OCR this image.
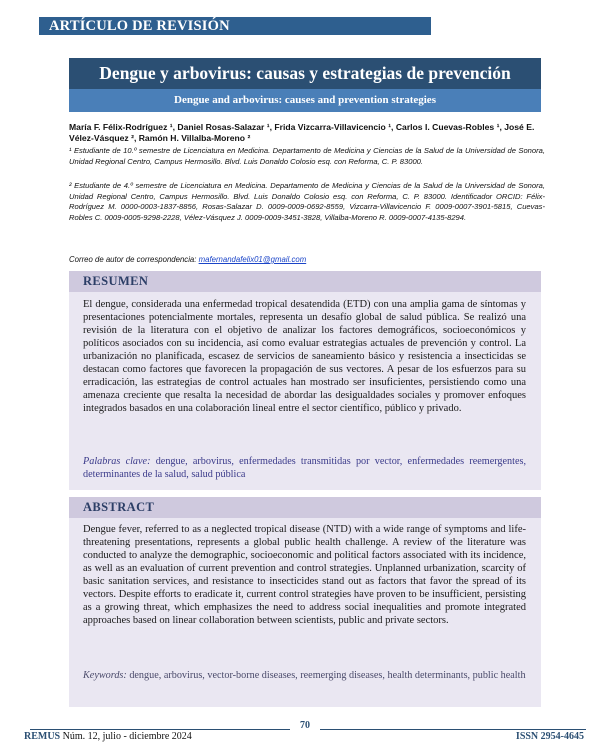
ARTÍCULO DE REVISIÓN
Dengue y arbovirus: causas y estrategias de prevención
Dengue and arbovirus: causes and prevention strategies
María F. Félix-Rodríguez ¹, Daniel Rosas-Salazar ¹, Frida Vizcarra-Villavicencio ¹, Carlos I. Cuevas-Robles ¹, José E. Vélez-Vásquez ², Ramón H. Villalba-Moreno ²
¹ Estudiante de 10.º semestre de Licenciatura en Medicina. Departamento de Medicina y Ciencias de la Salud de la Universidad de Sonora, Unidad Regional Centro, Campus Hermosillo. Blvd. Luis Donaldo Colosio esq. con Reforma, C. P. 83000.
² Estudiante de 4.º semestre de Licenciatura en Medicina. Departamento de Medicina y Ciencias de la Salud de la Universidad de Sonora, Unidad Regional Centro, Campus Hermosillo. Blvd. Luis Donaldo Colosio esq. con Reforma, C. P. 83000. Identificador ORCID: Félix-Rodríguez M. 0000-0003-1837-8856, Rosas-Salazar D. 0009-0009-0692-8559, Vizcarra-Villavicencio F. 0009-0007-3901-5815, Cuevas-Robles C. 0009-0005-9298-2228, Vélez-Vásquez J. 0009-0009-3451-3828, Villalba-Moreno R. 0009-0007-4135-8294.
Correo de autor de correspondencia: mafernandafelix01@gmail.com
RESUMEN
El dengue, considerada una enfermedad tropical desatendida (ETD) con una amplia gama de síntomas y presentaciones potencialmente mortales, representa un desafío global de salud pública. Se realizó una revisión de la literatura con el objetivo de analizar los factores demográficos, socioeconómicos y políticos asociados con su incidencia, así como evaluar estrategias actuales de prevención y control. La urbanización no planificada, escasez de servicios de saneamiento básico y resistencia a insecticidas se destacan como factores que favorecen la propagación de sus vectores. A pesar de los esfuerzos para su erradicación, las estrategias de control actuales han mostrado ser insuficientes, persistiendo como una amenaza creciente que resalta la necesidad de abordar las desigualdades sociales y promover enfoques integrados basados en una colaboración lineal entre el sector científico, público y privado.
Palabras clave: dengue, arbovirus, enfermedades transmitidas por vector, enfermedades reemergentes, determinantes de la salud, salud pública
ABSTRACT
Dengue fever, referred to as a neglected tropical disease (NTD) with a wide range of symptoms and life-threatening presentations, represents a global public health challenge. A review of the literature was conducted to analyze the demographic, socioeconomic and political factors associated with its incidence, as well as an evaluation of current prevention and control strategies. Unplanned urbanization, scarcity of basic sanitation services, and resistance to insecticides stand out as factors that favor the spread of its vectors. Despite efforts to eradicate it, current control strategies have proven to be insufficient, persisting as a growing threat, which emphasizes the need to address social inequalities and promote integrated approaches based on linear collaboration between scientists, public and private sectors.
Keywords: dengue, arbovirus, vector-borne diseases, reemerging diseases, health determinants, public health
REMUS Núm. 12, julio - diciembre 2024
70
ISSN 2954-4645
